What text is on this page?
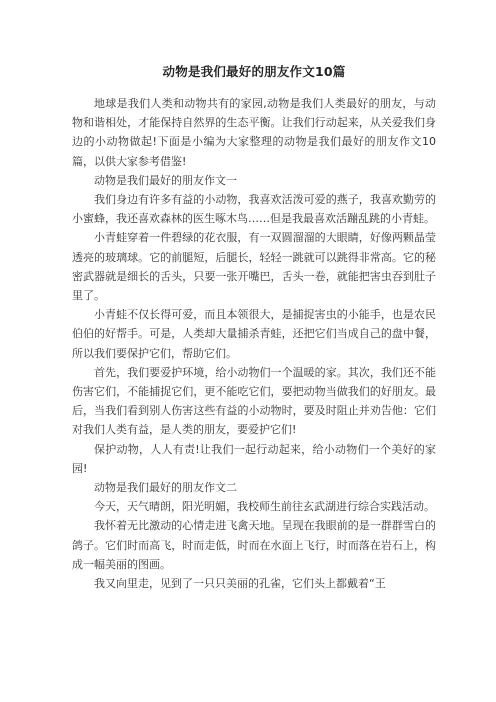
动物是我们最好的朋友作文10篇

地球是我们人类和动物共有的家园,动物是我们人类最好的朋友，与动物和谐相处，才能保持自然界的生态平衡。让我们行动起来，从关爱我们身边的小动物做起!下面是小编为大家整理的动物是我们最好的朋友作文10篇，以供大家参考借鉴!

动物是我们最好的朋友作文一

我们身边有许多有益的小动物，我喜欢活泼可爱的燕子，我喜欢勤劳的小蜜蜂，我还喜欢森林的医生啄木鸟……但是我最喜欢活蹦乱跳的小青蛙。

小青蛙穿着一件碧绿的花衣服，有一双圆溜溜的大眼睛，好像两颗晶莹透亮的玻璃球。它的前腿短，后腿长，轻轻一跳就可以跳得非常高。它的秘密武器就是细长的舌头，只要一张开嘴巴，舌头一卷，就能把害虫吞到肚子里了。

小青蛙不仅长得可爱，而且本领很大，是捕捉害虫的小能手，也是农民伯伯的好帮手。可是，人类却大量捕杀青蛙，还把它们当成自己的盘中餐，所以我们要保护它们，帮助它们。

首先，我们要爱护环境，给小动物们一个温暖的家。其次，我们还不能伤害它们，不能捕捉它们，更不能吃它们，要把动物当做我们的好朋友。最后，当我们看到别人伤害这些有益的小动物时，要及时阻止并劝告他：它们对我们人类有益，是人类的朋友，要爱护它们!

保护动物，人人有责!让我们一起行动起来，给小动物们一个美好的家园!

动物是我们最好的朋友作文二

今天，天气晴朗，阳光明媚，我校师生前往玄武湖进行综合实践活动。

我怀着无比激动的心情走进飞禽天地。呈现在我眼前的是一群群雪白的鸽子。它们时而高飞，时而走低，时而在水面上飞行，时而落在岩石上，构成一幅美丽的图画。

我又向里走，见到了一只只美丽的孔雀，它们头上都戴着“王
